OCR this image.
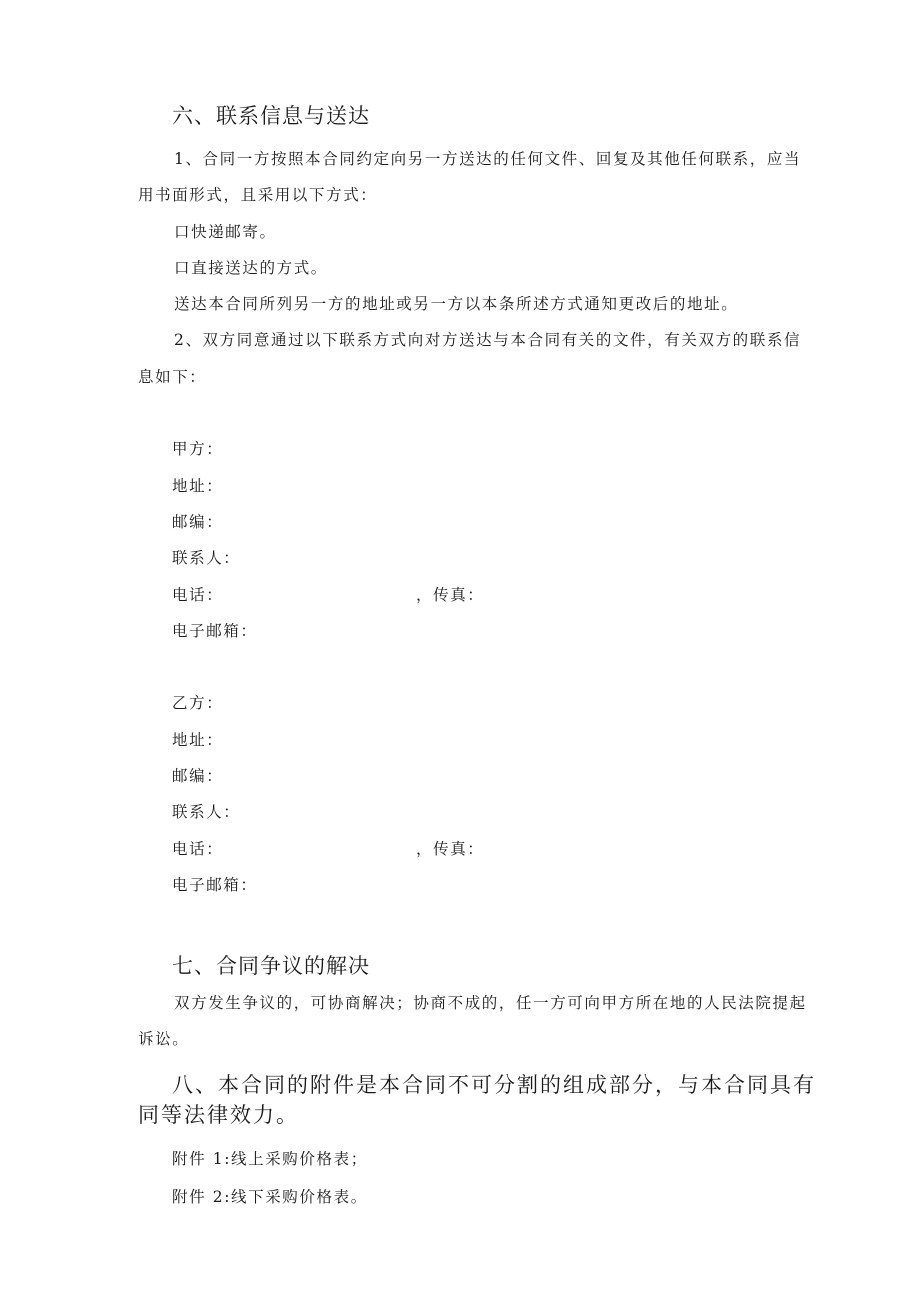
六、联系信息与送达
1、合同一方按照本合同约定向另一方送达的任何文件、回复及其他任何联系，应当
用书面形式，且采用以下方式：
口快递邮寄。
口直接送达的方式。
送达本合同所列另一方的地址或另一方以本条所述方式通知更改后的地址。
2、双方同意通过以下联系方式向对方送达与本合同有关的文件，有关双方的联系信
息如下：
甲方：
地址：
邮编：
联系人：
电话：	，传真：
电子邮箱：
乙方：
地址：
邮编：
联系人：
电话：	，传真：
电子邮箱：
七、合同争议的解决
双方发生争议的，可协商解决；协商不成的，任一方可向甲方所在地的人民法院提起
诉讼。
八、本合同的附件是本合同不可分割的组成部分，与本合同具有
同等法律效力。
附件 1:线上采购价格表；
附件 2:线下采购价格表。
